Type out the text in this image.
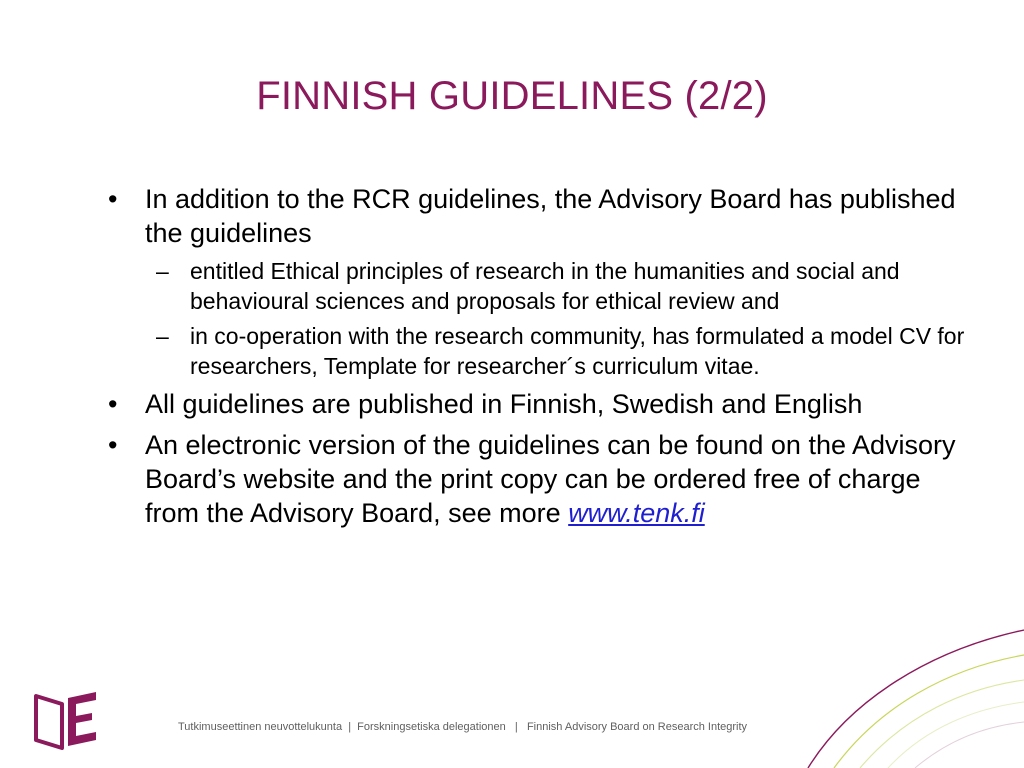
FINNISH GUIDELINES (2/2)
• In addition to the RCR guidelines, the Advisory Board has published the guidelines
– entitled Ethical principles of research in the humanities and social and behavioural sciences and proposals for ethical review and
– in co-operation with the research community, has formulated a model CV for researchers, Template for researcher´s curriculum vitae.
• All guidelines are published in Finnish, Swedish and English
• An electronic version of the guidelines can be found on the Advisory Board’s website and the print copy can be ordered free of charge from the Advisory Board, see more www.tenk.fi
Tutkimuseettinen neuvottelukunta  |  Forskningsetiska delegationen   |   Finnish Advisory Board on Research Integrity
